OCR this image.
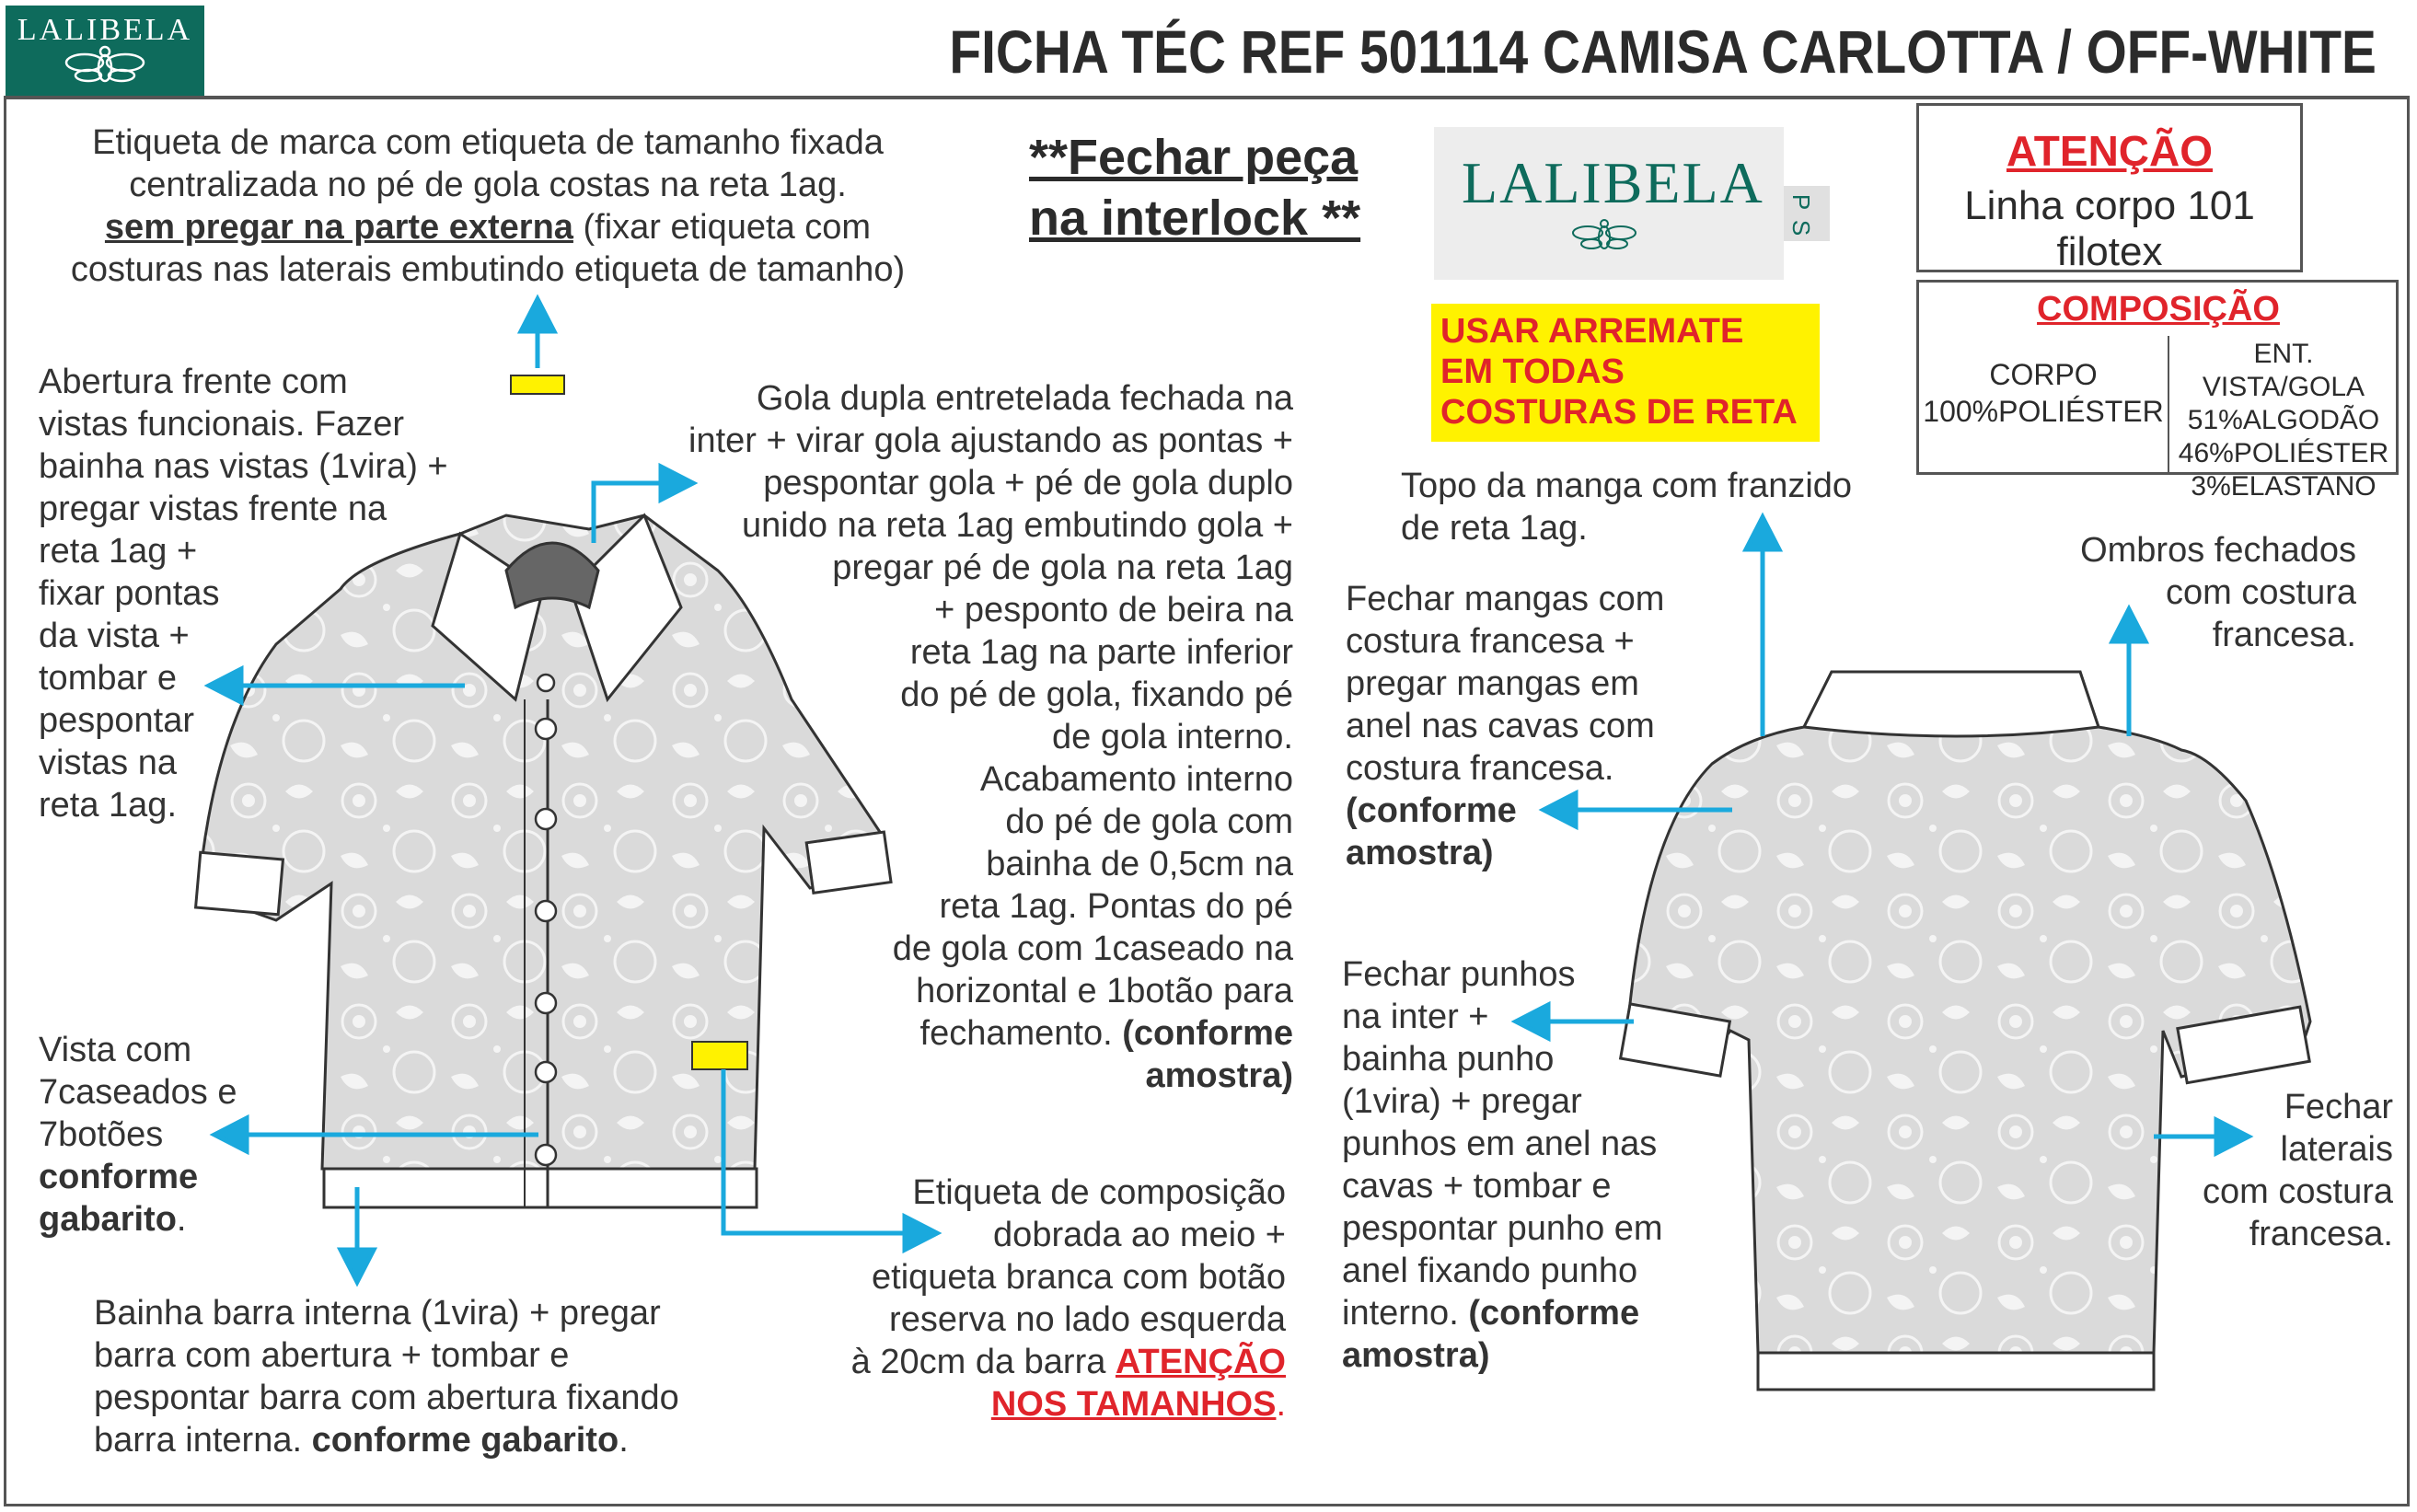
LALIBELA	FICHA TÉC REF 501114 CAMISA CARLOTTA / OFF-WHITE
**Fechar peça
na interlock **
LALIBELA P
S
USAR ARREMATE
EM TODAS
COSTURAS DE RETA
ATENÇÃO
Linha corpo 101 filotex
COMPOSIÇÃO
CORPO
100%POLIÉSTER
ENT. VISTA/GOLA
51%ALGODÃO
46%POLIÉSTER
3%ELASTANO
Etiqueta de marca com etiqueta de tamanho fixada
centralizada no pé de gola costas na reta 1ag.
sem pregar na parte externa (fixar etiqueta com
costuras nas laterais embutindo etiqueta de tamanho)
Abertura frente com
vistas funcionais. Fazer
bainha nas vistas (1vira) +
pregar vistas frente na
reta 1ag +
fixar pontas
da vista +
tombar e
pespontar
vistas na
reta 1ag.
Gola dupla entretelada fechada na
inter + virar gola ajustando as pontas +
pespontar gola + pé de gola duplo
unido na reta 1ag embutindo gola +
pregar pé de gola na reta 1ag
+ pesponto de beira na
reta 1ag na parte inferior
do pé de gola, fixando pé
de gola interno.
Acabamento interno
do pé de gola com
bainha de 0,5cm na
reta 1ag. Pontas do pé
de gola com 1caseado na
horizontal e 1botão para
fechamento. (conforme
amostra)
Vista com
7caseados e
7botões
conforme
gabarito.
Bainha barra interna (1vira) + pregar
barra com abertura + tombar e
pespontar barra com abertura fixando
barra interna. conforme gabarito.
Etiqueta de composição
dobrada ao meio +
etiqueta branca com botão
reserva no lado esquerda
à 20cm da barra ATENÇÃO
NOS TAMANHOS.
Topo da manga com franzido
de reta 1ag.
Ombros fechados
com costura
francesa.
Fechar mangas com
costura francesa +
pregar mangas em
anel nas cavas com
costura francesa.
(conforme
amostra)
Fechar punhos
na inter +
bainha punho
(1vira) + pregar
punhos em anel nas
cavas + tombar e
pespontar punho em
anel fixando punho
interno. (conforme
amostra)
Fechar
laterais
com costura
francesa.
